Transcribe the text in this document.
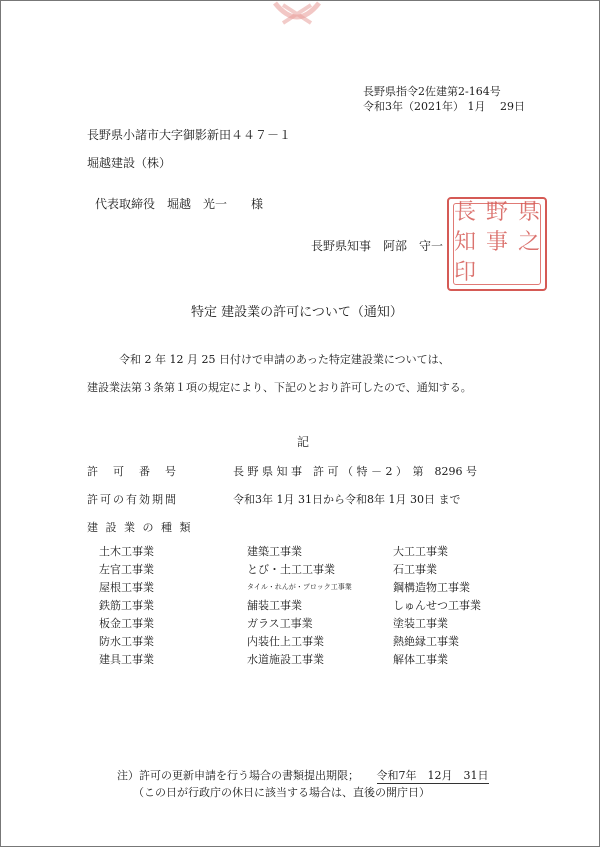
長野県指令2佐建第2-164号
令和3年（2021年） 1月　 29日
長野県小諸市大字御影新田４４７－１
堀越建設（株）
代表取締役　堀越　光一　　様
長野県知事　阿部　守一
長 野 県
知 事 之
印
特定 建設業の許可について（通知）
令和 2 年 12 月 25 日付けで申請のあった特定建設業については、
建設業法第３条第１項の規定により、下記のとおり許可したので、通知する。
記
許　可　番　号	長 野 県 知 事　許 可 （ 特 － 2 ）　第　8296 号
許可の有効期間	令和3年 1月 31日から令和8年 1月 30日 まで
建 設 業 の 種 類
土木工事業	建築工事業	大工工事業
左官工事業	とび・土工工事業	石工事業
屋根工事業	タイル・れんが・ブロック工事業	鋼構造物工事業
鉄筋工事業	舗装工事業	しゅんせつ工事業
板金工事業	ガラス工事業	塗装工事業
防水工事業	内装仕上工事業	熱絶縁工事業
建具工事業	水道施設工事業	解体工事業
注）許可の更新申請を行う場合の書類提出期限； 令和7年　12月　31日
（この日が行政庁の休日に該当する場合は、直後の開庁日）
